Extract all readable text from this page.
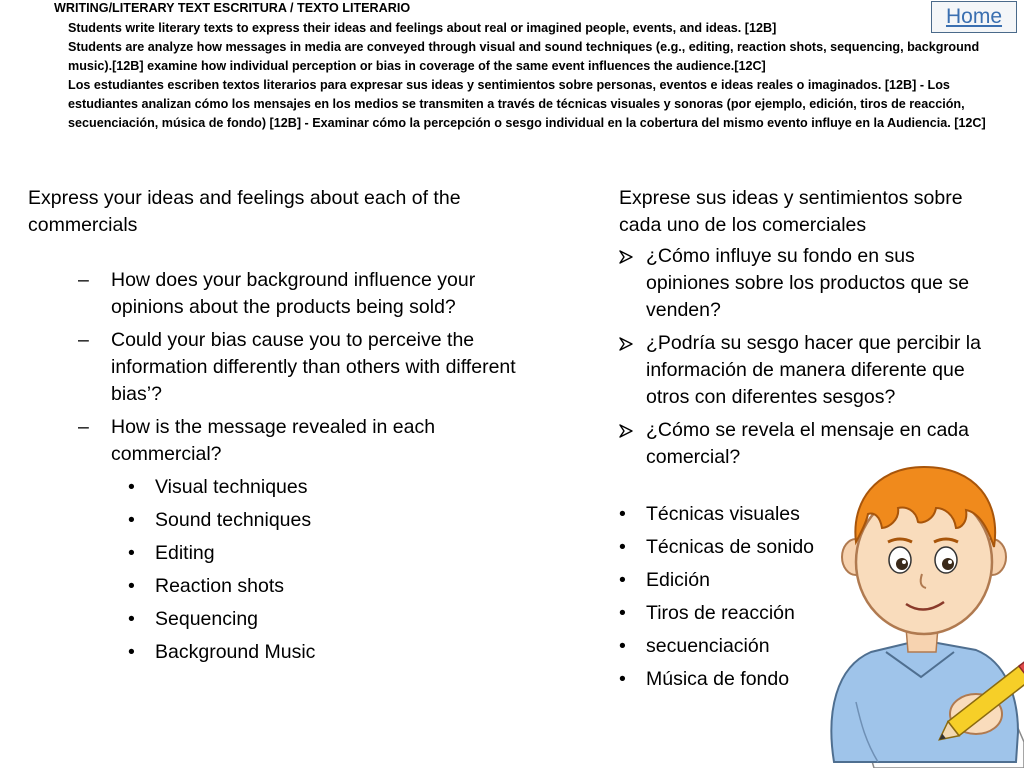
WRITING/LITERARY TEXT ESCRITURA / TEXTO LITERARIO

Students write literary texts to express their ideas and feelings about real or imagined people, events, and ideas. [12B]

Students are analyze how messages in media are conveyed through visual and sound techniques (e.g., editing, reaction shots, sequencing, background music).[12B] examine how individual perception or bias in coverage of the same event influences the audience.[12C]

Los estudiantes escriben textos literarios para expresar sus ideas y sentimientos sobre personas, eventos e ideas reales o imaginados. [12B] - Los estudiantes analizan cómo los mensajes en los medios se transmiten a través de técnicas visuales y sonoras (por ejemplo, edición, tiros de reacción, secuenciación, música de fondo) [12B] - Examinar cómo la percepción o sesgo individual en la cobertura del mismo evento influye en la Audiencia. [12C]

Home

Express your ideas and feelings about each of the commercials

–	How does your background influence your opinions about the products being sold?
–	Could your bias cause you to perceive the information differently than others with different bias’?
–	How is the message revealed in each commercial?
• Visual techniques
• Sound techniques
• Editing
• Reaction shots
• Sequencing
• Background Music

Exprese sus ideas y sentimientos sobre cada uno de los comerciales

¿Cómo influye su fondo en sus opiniones sobre los productos que se venden?
¿Podría su sesgo hacer que percibir la información de manera diferente que otros con diferentes sesgos?
¿Cómo se revela el mensaje en cada comercial?
• Técnicas visuales
• Técnicas de sonido
• Edición
• Tiros de reacción
• secuenciación
• Música de fondo
